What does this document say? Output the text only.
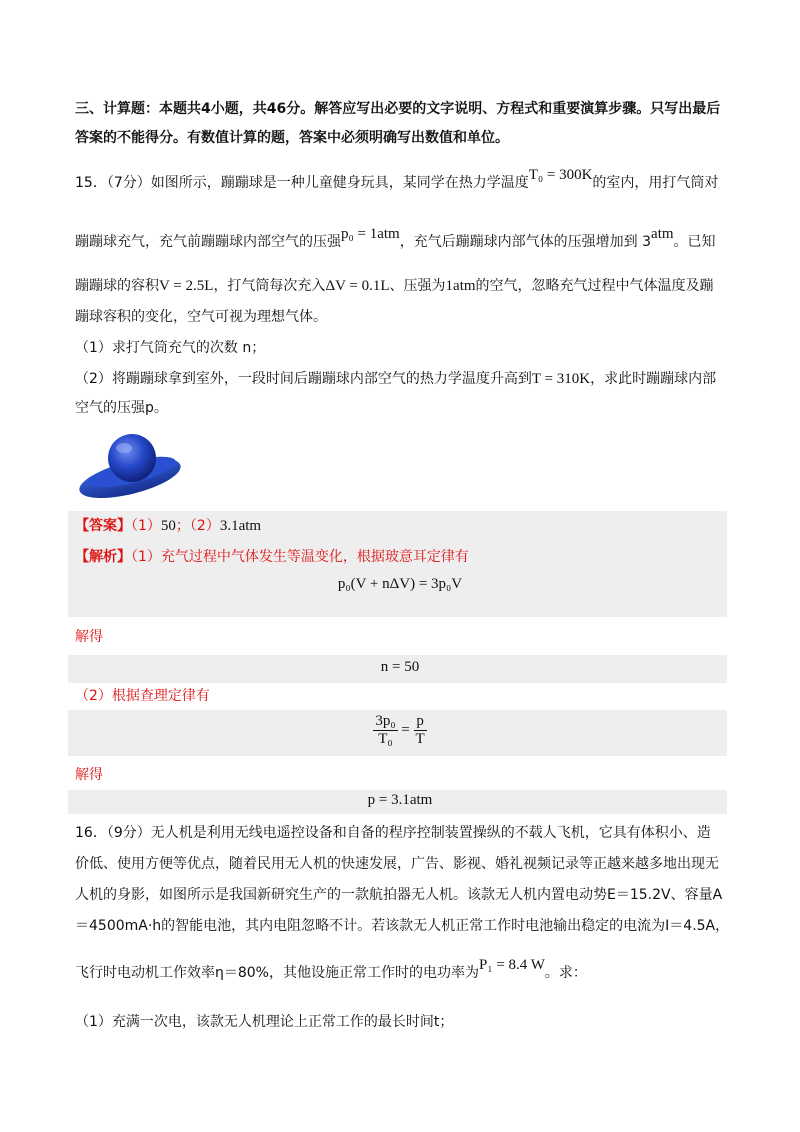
三、计算题：本题共4小题，共46分。解答应写出必要的文字说明、方程式和重要演算步骤。只写出最后
答案的不能得分。有数值计算的题，答案中必须明确写出数值和单位。
15．（7分）如图所示，蹦蹦球是一种儿童健身玩具，某同学在热力学温度T₀ = 300K的室内，用打气筒对
蹦蹦球充气，充气前蹦蹦球内部空气的压强p₀ = 1atm，充气后蹦蹦球内部气体的压强增加到 3atm。已知
蹦蹦球的容积V = 2.5L，打气筒每次充入ΔV = 0.1L、压强为1atm的空气，忽略充气过程中气体温度及蹦
蹦球容积的变化，空气可视为理想气体。
（1）求打气筒充气的次数 n；
（2）将蹦蹦球拿到室外，一段时间后蹦蹦球内部空气的热力学温度升高到T = 310K，求此时蹦蹦球内部
空气的压强p。
【答案】（1）50；（2）3.1atm
【解析】（1）充气过程中气体发生等温变化，根据玻意耳定律有
p₀(V + nΔV) = 3p₀V
解得
n = 50
（2）根据查理定律有
$\frac{\text{3p₀}}{\text{T₀}} = \frac{p}{T}$
解得
p = 3.1atm
16．（9分）无人机是利用无线电遥控设备和自备的程序控制装置操纵的不载人飞机，它具有体积小、造
价低、使用方便等优点，随着民用无人机的快速发展，广告、影视、婚礼视频记录等正越来越多地出现无
人机的身影，如图所示是我国新研究生产的一款航拍器无人机。该款无人机内置电动势E＝15.2V、容量A
＝4500mA·h的智能电池，其内电阻忽略不计。若该款无人机正常工作时电池输出稳定的电流为I＝4.5A，
飞行时电动机工作效率η＝80%，其他设施正常工作时的电功率为P₁ = 8.4 W。求：
（1）充满一次电，该款无人机理论上正常工作的最长时间t；
